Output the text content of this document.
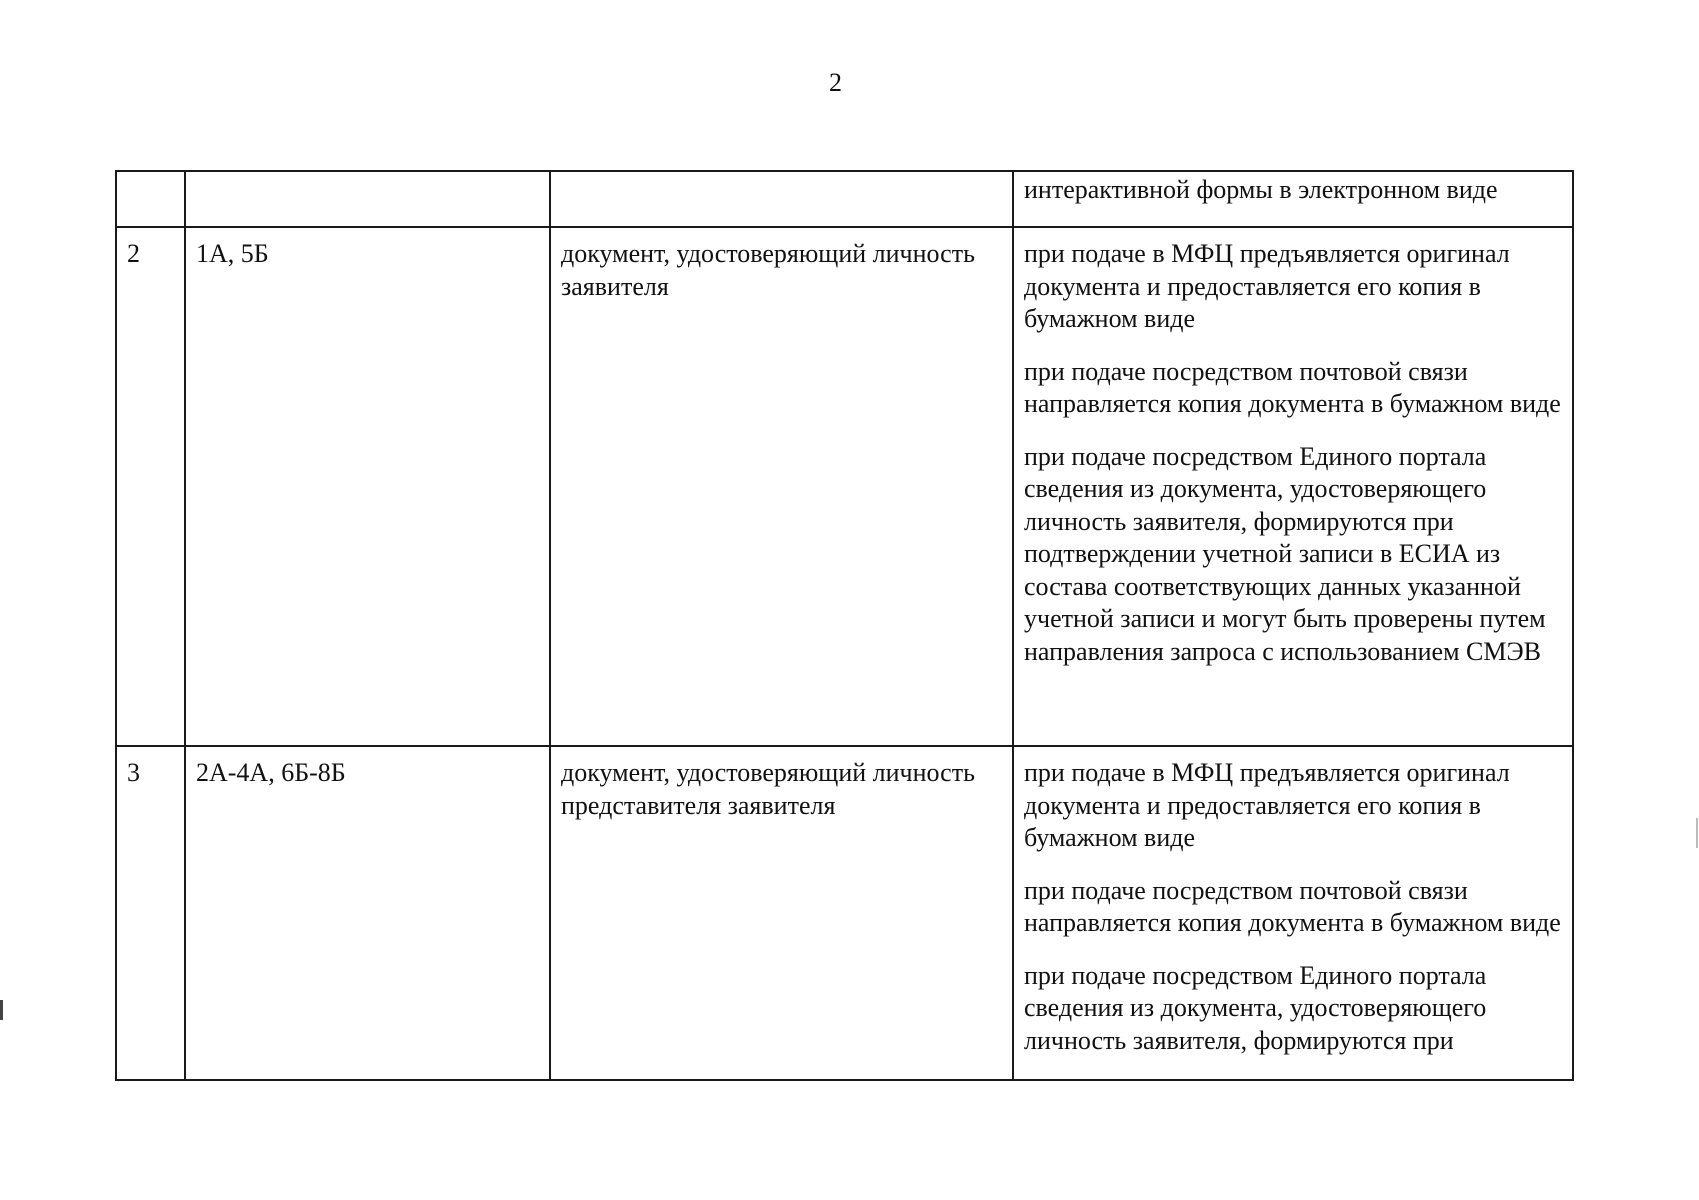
2
			интерактивной формы в электронном виде
2	1А, 5Б	документ, удостоверяющий личность заявителя	при подаче в МФЦ предъявляется оригинал документа и предоставляется его копия в бумажном виде
при подаче посредством почтовой связи направляется копия документа в бумажном виде
при подаче посредством Единого портала сведения из документа, удостоверяющего личность заявителя, формируются при подтверждении учетной записи в ЕСИА из состава соответствующих данных указанной учетной записи и могут быть проверены путем направления запроса с использованием СМЭВ

3	2А-4А, 6Б-8Б	документ, удостоверяющий личность представителя заявителя	при подаче в МФЦ предъявляется оригинал документа и предоставляется его копия в бумажном виде
при подаче посредством почтовой связи направляется копия документа в бумажном виде
при подаче посредством Единого портала сведения из документа, удостоверяющего личность заявителя, формируются при
